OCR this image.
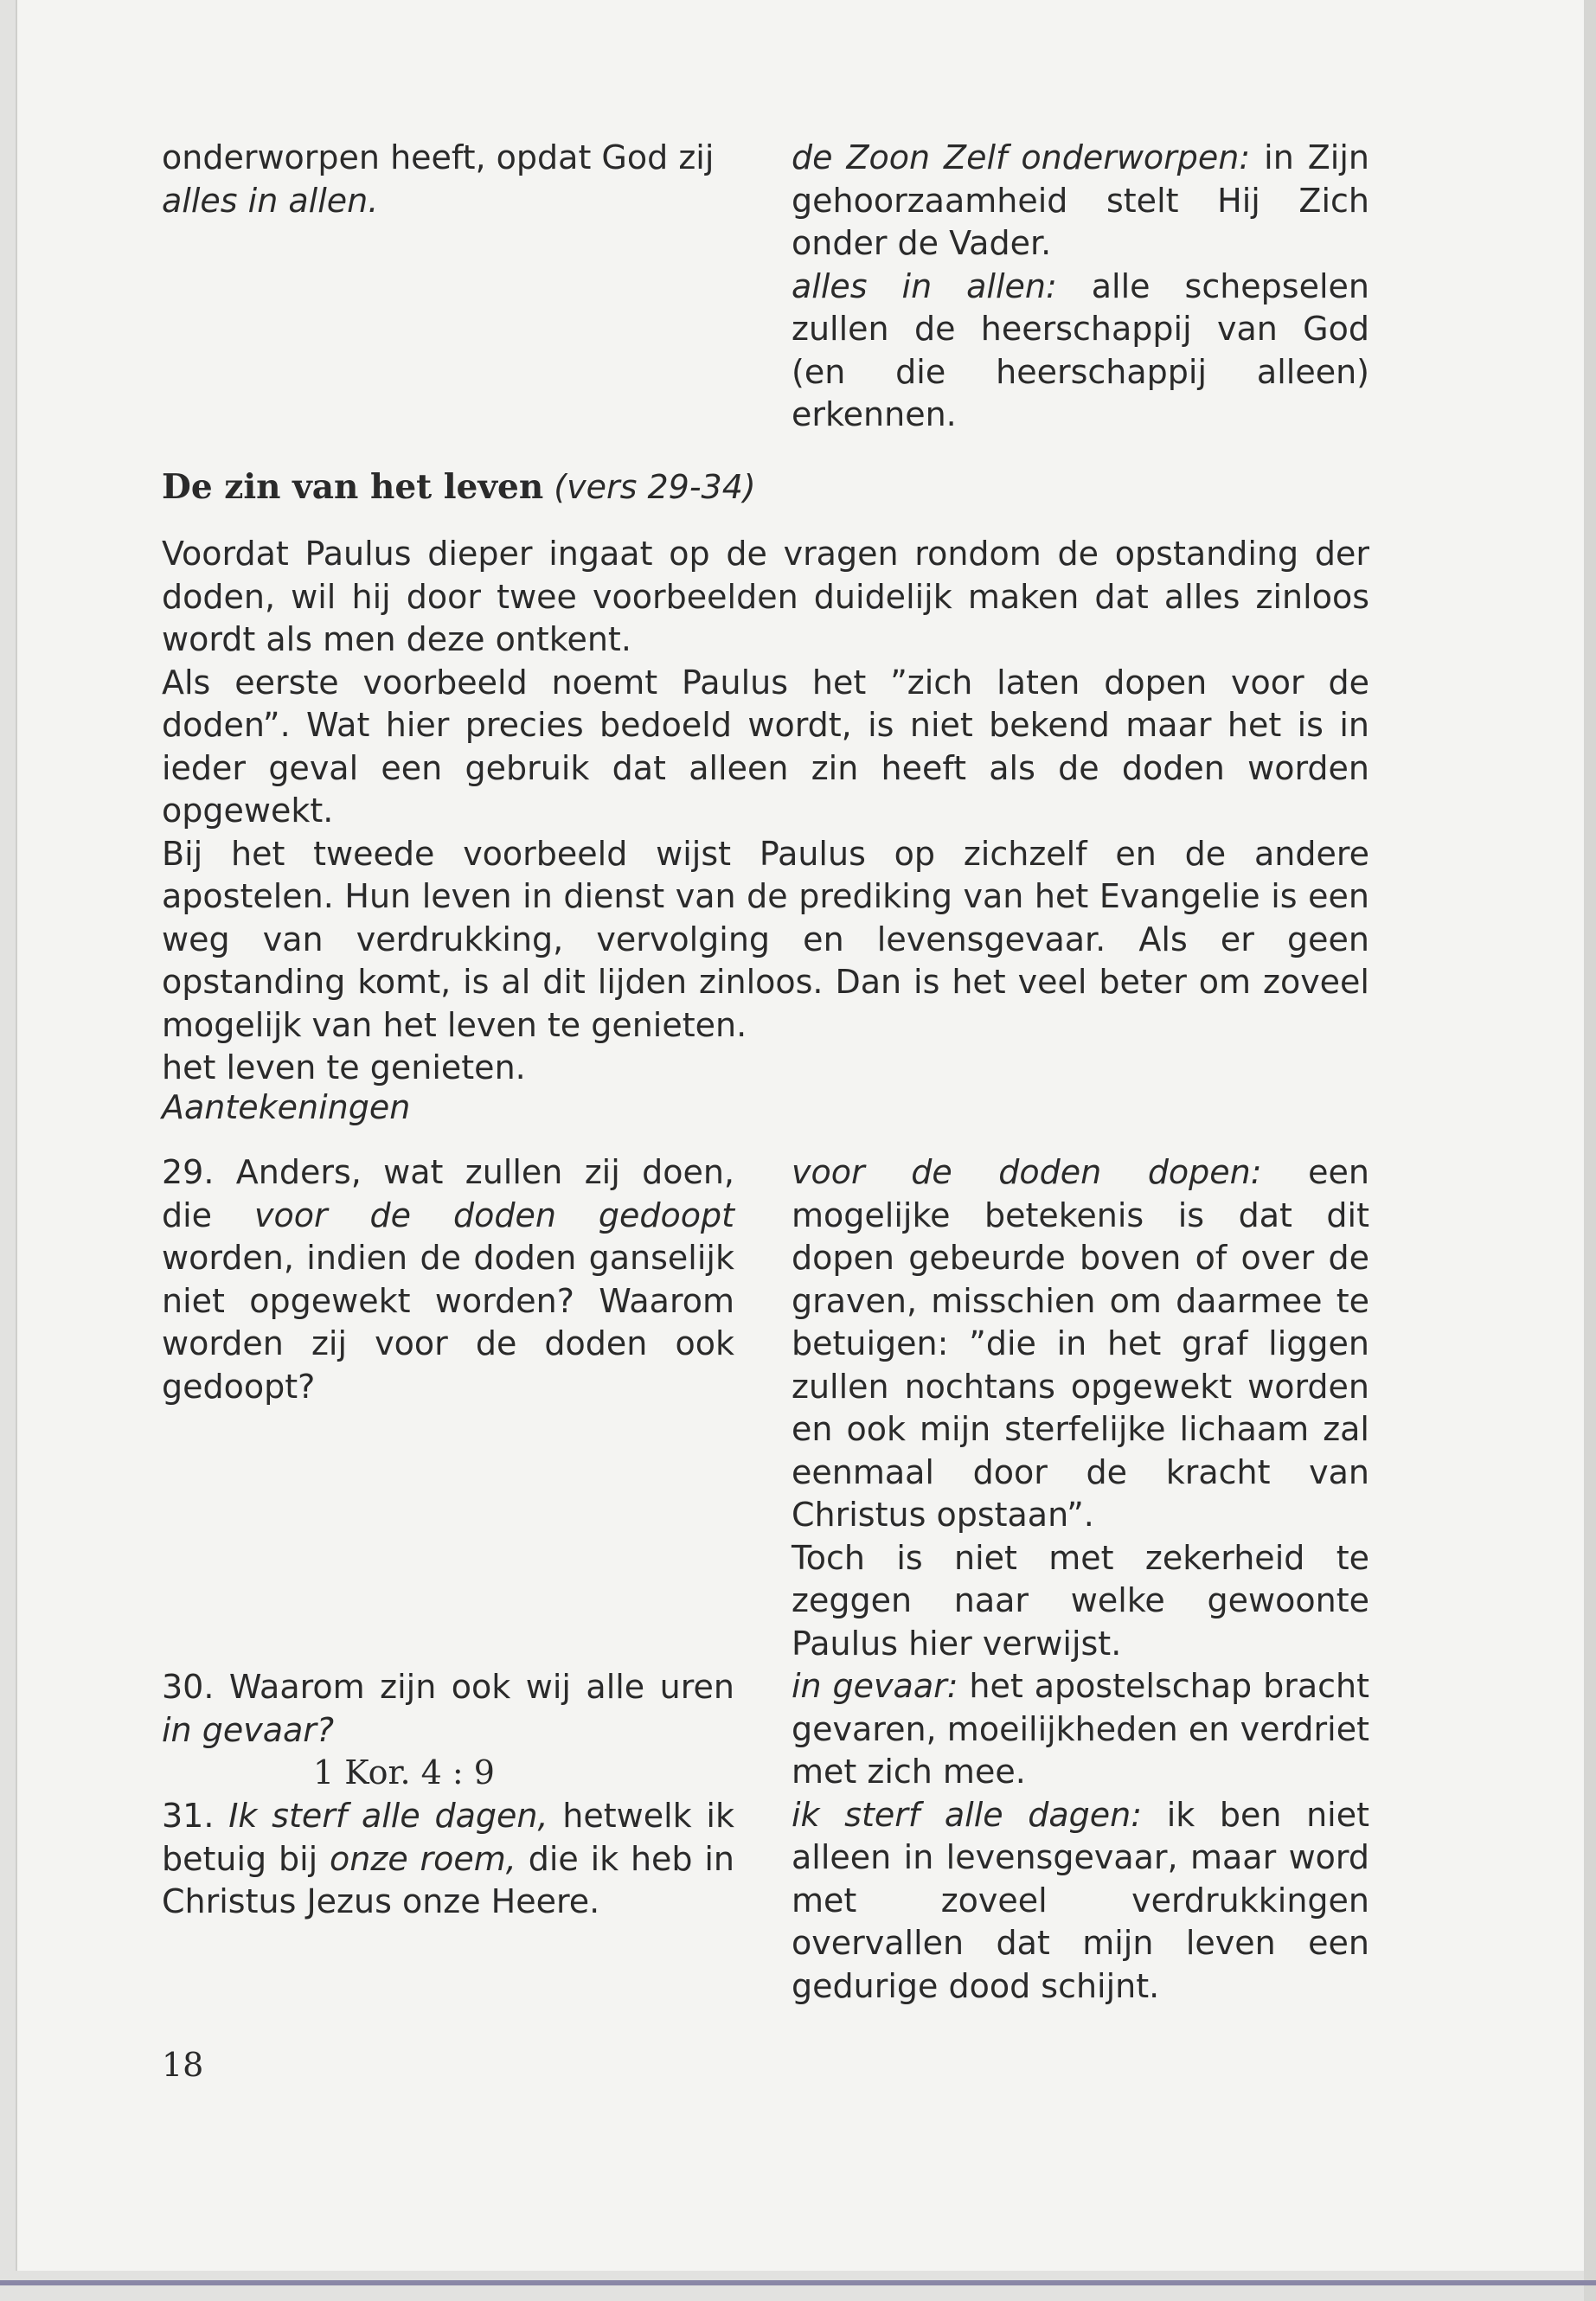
onderworpen heeft, opdat God zij

alles in allen.

de Zoon Zelf onderworpen: in Zijn gehoorzaamheid stelt Hij Zich onder de Vader.

alles in allen: alle schepselen zullen de heerschappij van God (en die heerschappij alleen) erkennen.

De zin van het leven (vers 29-34)

Voordat Paulus dieper ingaat op de vragen rondom de opstanding der doden, wil hij door twee voorbeelden duidelijk maken dat alles zinloos wordt als men deze ontkent.

Als eerste voorbeeld noemt Paulus het ”zich laten dopen voor de doden”. Wat hier precies bedoeld wordt, is niet bekend maar het is in ieder geval een gebruik dat alleen zin heeft als de doden worden opgewekt.

Bij het tweede voorbeeld wijst Paulus op zichzelf en de andere apostelen. Hun leven in dienst van de prediking van het Evangelie is een weg van verdrukking, vervolging en levensgevaar. Als er geen opstanding komt, is al dit lijden zinloos. Dan is het veel beter om zoveel mogelijk van het leven te genieten.

het leven te genieten.

Aantekeningen

29. Anders, wat zullen zij doen, die voor de doden gedoopt worden, indien de doden ganselijk niet opgewekt worden? Waarom worden zij voor de doden ook gedoopt?

30. Waarom zijn ook wij alle uren in gevaar?

1 Kor. 4 : 9

31. Ik sterf alle dagen, hetwelk ik betuig bij onze roem, die ik heb in Christus Jezus onze Heere.

voor de doden dopen: een mogelijke betekenis is dat dit dopen gebeurde boven of over de graven, misschien om daarmee te betuigen: ”die in het graf liggen zullen nochtans opgewekt worden en ook mijn sterfelijke lichaam zal eenmaal door de kracht van Christus opstaan”.

Toch is niet met zekerheid te zeggen naar welke gewoonte Paulus hier verwijst.

in gevaar: het apostelschap bracht gevaren, moeilijkheden en verdriet met zich mee.

ik sterf alle dagen: ik ben niet alleen in levensgevaar, maar word met zoveel verdrukkingen overvallen dat mijn leven een gedurige dood schijnt.

18
